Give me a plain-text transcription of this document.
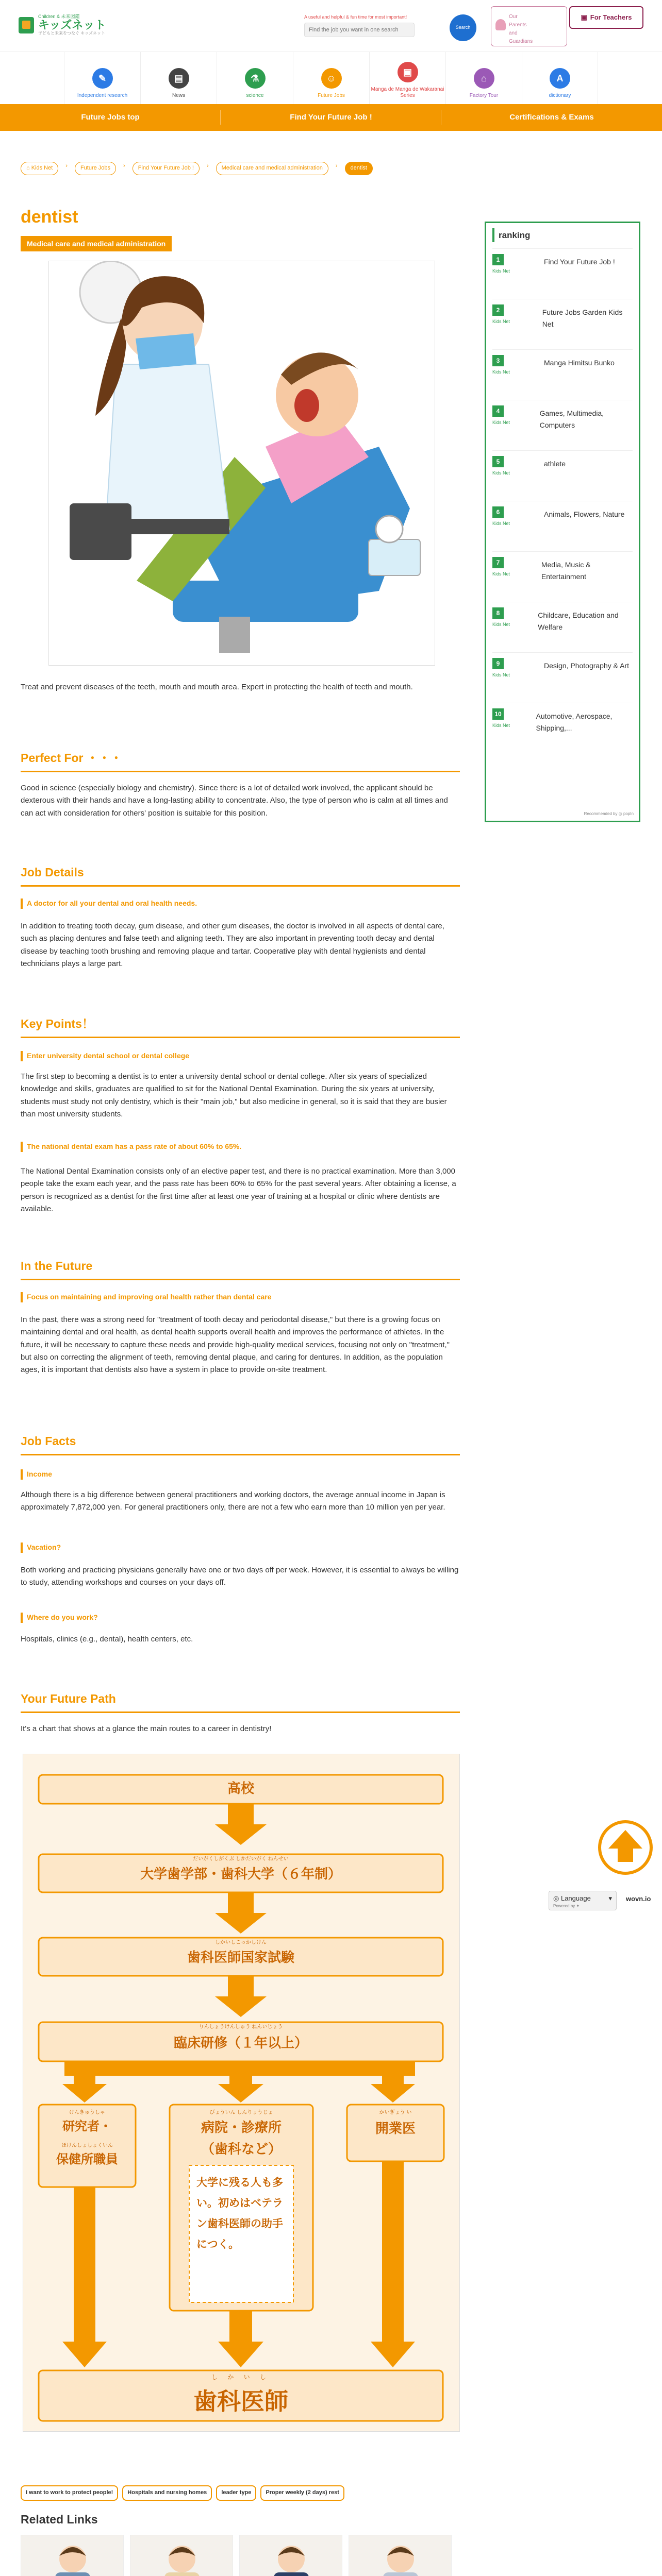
Children & 未来図鑑
キッズネット
子どもと未来をつなぐ キッズネット
A useful and helpful & fun time for most important!
Find the job you want in one search
Search
Our
Parents
and
Guardians
▣ For Teachers
✎
Independent research
▤
News
⚗
science
☺
Future Jobs
▣
Manga de Manga de Wakaranai Series
⌂
Factory Tour
A
dictionary
Future Jobs top	Find Your Future Job !	Certifications & Exams
⌂ Kids Net	›	Future Jobs	›	Find Your Future Job !	›	Medical care and medical administration	›	dentist
dentist
Medical care and medical administration

Treat and prevent diseases of the teeth, mouth and mouth area. Expert in protecting the health of teeth and mouth.

Perfect For ・・・

Good in science (especially biology and chemistry). Since there is a lot of detailed work involved, the applicant should be dexterous with their hands and have a long-lasting ability to concentrate. Also, the type of person who is calm at all times and can act with consideration for others' position is suitable for this position.

Job Details
A doctor for all your dental and oral health needs.

In addition to treating tooth decay, gum disease, and other gum diseases, the doctor is involved in all aspects of dental care, such as placing dentures and false teeth and aligning teeth. They are also important in preventing tooth decay and dental disease by teaching tooth brushing and removing plaque and tartar. Cooperative play with dental hygienists and dental technicians plays a large part.

Key Points！
Enter university dental school or dental college

The first step to becoming a dentist is to enter a university dental school or dental college. After six years of specialized knowledge and skills, graduates are qualified to sit for the National Dental Examination. During the six years at university, students must study not only dentistry, which is their "main job," but also medicine in general, so it is said that they are busier than most university students.

The national dental exam has a pass rate of about 60% to 65%.

The National Dental Examination consists only of an elective paper test, and there is no practical examination. More than 3,000 people take the exam each year, and the pass rate has been 60% to 65% for the past several years. After obtaining a license, a person is recognized as a dentist for the first time after at least one year of training at a hospital or clinic where dentists are available.

In the Future
Focus on maintaining and improving oral health rather than dental care

In the past, there was a strong need for "treatment of tooth decay and periodontal disease," but there is a growing focus on maintaining dental and oral health, as dental health supports overall health and improves the performance of athletes. In the future, it will be necessary to capture these needs and provide high-quality medical services, focusing not only on "treatment," but also on correcting the alignment of teeth, removing dental plaque, and caring for dentures. In addition, as the population ages, it is important that dentists also have a system in place to provide on-site treatment.

Job Facts
Income

Although there is a big difference between general practitioners and working doctors, the average annual income in Japan is approximately 7,872,000 yen. For general practitioners only, there are not a few who earn more than 10 million yen per year.

Vacation?

Both working and practicing physicians generally have one or two days off per week. However, it is essential to always be willing to study, attending workshops and courses on your days off.

Where do you work?

Hospitals, clinics (e.g., dental), health centers, etc.

Your Future Path

It's a chart that shows at a glance the main routes to a career in dentistry!

高校
だいがくしがくぶ しかだいがく ねんせい
大学歯学部・歯科大学（６年制）
しかいしこっかしけん
歯科医師国家試験
りんしょうけんしゅう ねんいじょう
臨床研修（１年以上）
けんきゅうしゃ
研究者・
ほけんしょしょくいん
保健所職員
びょういん しんりょうじょ
病院・診療所
（歯科など）
大学に残る人も多い。初めはベテラン歯科医師の助手につく。
かいぎょう い
開業医
し か い し
歯科医師
I want to work to protect people!	Hospitals and nursing homes	leader type	Proper weekly (2 days) rest
Related Links
ranking
1
Kids Net
Find Your Future Job !
2
Kids Net
Future Jobs Garden Kids Net
3
Kids Net
Manga Himitsu Bunko
4
Kids Net
Games, Multimedia, Computers
5
Kids Net
athlete
6
Kids Net
Animals, Flowers, Nature
7
Kids Net
Media, Music & Entertainment
8
Kids Net
Childcare, Education and Welfare
9
Kids Net
Design, Photography & Art
10
Kids Net
Automotive, Aerospace, Shipping,...
Recommended by ◎ popIn
◎ Language	▾
Powered by ✦
wovn.io
